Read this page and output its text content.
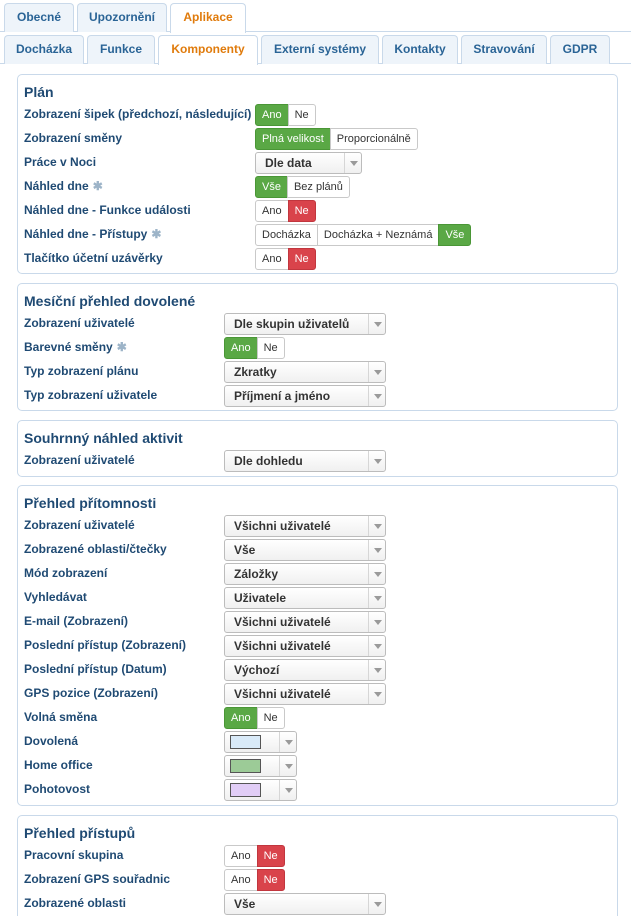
Obecné	Upozornění	Aplikace
Docházka	Funkce	Komponenty	Externí systémy	Kontakty	Stravování	GDPR
Plán
Zobrazení šipek (předchozí, následující) Ano	Ne
Zobrazení směny	Plná velikost	Proporcionálně
Práce v Noci	Dle data
Náhled dne ✱	Vše	Bez plánů
Náhled dne - Funkce události	Ano	Ne
Náhled dne - Přístupy ✱	Docházka	Docházka + Neznámá	Vše
Tlačítko účetní uzávěrky	Ano	Ne
Mesíční přehled dovolené
Zobrazení uživatelé	Dle skupin uživatelů
Barevné směny ✱	Ano	Ne
Typ zobrazení plánu	Zkratky
Typ zobrazení uživatele	Příjmení a jméno
Souhrnný náhled aktivit
Zobrazení uživatelé	Dle dohledu
Přehled přítomnosti
Zobrazení uživatelé	Všichni uživatelé
Zobrazené oblasti/čtečky	Vše
Mód zobrazení	Záložky
Vyhledávat	Uživatele
E-mail (Zobrazení)	Všichni uživatelé
Poslední přístup (Zobrazení)	Všichni uživatelé
Poslední přístup (Datum)	Výchozí
GPS pozice (Zobrazení)	Všichni uživatelé
Volná směna	Ano	Ne
Dovolená
Home office
Pohotovost
Přehled přístupů
Pracovní skupina	Ano	Ne
Zobrazení GPS souřadnic	Ano	Ne
Zobrazené oblasti	Vše
